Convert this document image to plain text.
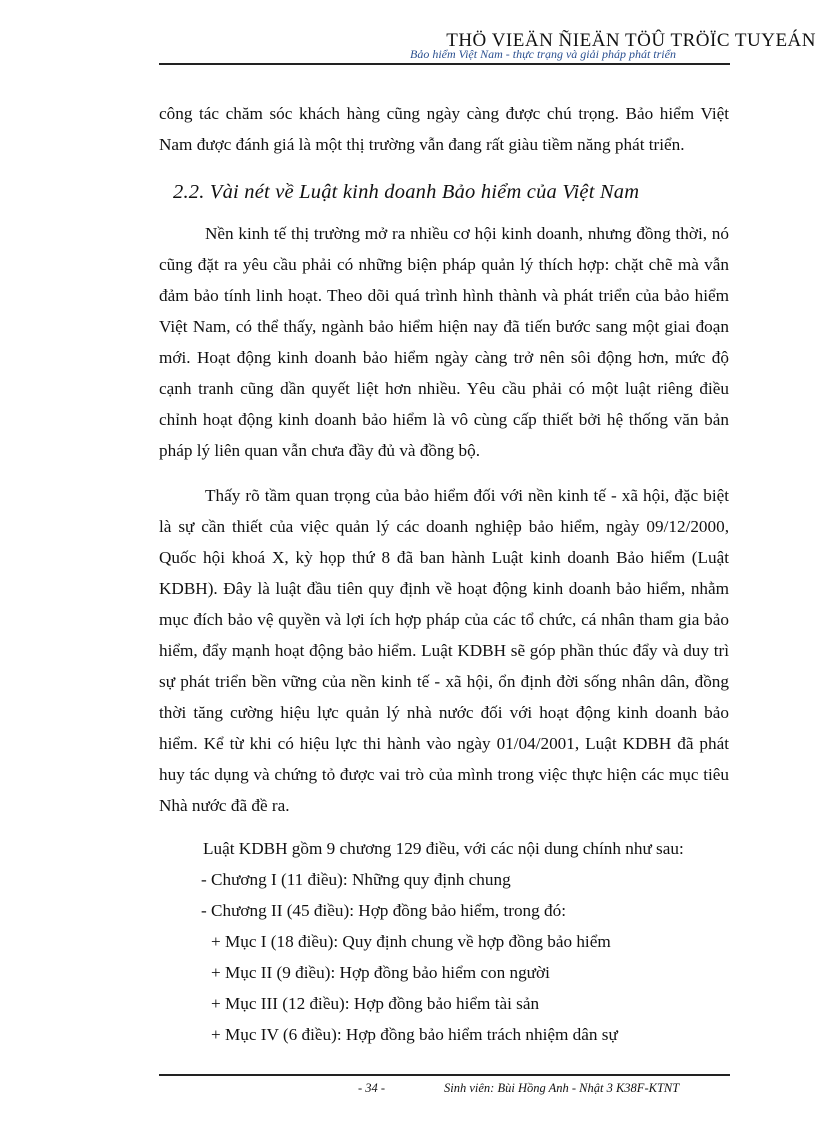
THÖ VIEÄN ÑIEÄN TÖÛ TRÖÏC TUYEÁN
Bảo hiểm Việt Nam - thực trạng và giải pháp phát triển

công tác chăm sóc khách hàng cũng ngày càng được chú trọng. Bảo hiểm Việt Nam được đánh giá là một thị trường vẫn đang rất giàu tiềm năng phát triển.

2.2. Vài nét về Luật kinh doanh Bảo hiểm của Việt Nam

Nền kinh tế thị trường mở ra nhiều cơ hội kinh doanh, nhưng đồng thời, nó cũng đặt ra yêu cầu phải có những biện pháp quản lý thích hợp: chặt chẽ mà vẫn đảm bảo tính linh hoạt. Theo dõi quá trình hình thành và phát triển của bảo hiểm Việt Nam, có thể thấy, ngành bảo hiểm hiện nay đã tiến bước sang một giai đoạn mới. Hoạt động kinh doanh bảo hiểm ngày càng trở nên sôi động hơn, mức độ cạnh tranh cũng dần quyết liệt hơn nhiều. Yêu cầu phải có một luật riêng điều chỉnh hoạt động kinh doanh bảo hiểm là vô cùng cấp thiết bởi hệ thống văn bản pháp lý liên quan vẫn chưa đầy đủ và đồng bộ.

Thấy rõ tầm quan trọng của bảo hiểm đối với nền kinh tế - xã hội, đặc biệt là sự cần thiết của việc quản lý các doanh nghiệp bảo hiểm, ngày 09/12/2000, Quốc hội khoá X, kỳ họp thứ 8 đã ban hành Luật kinh doanh Bảo hiểm (Luật KDBH). Đây là luật đầu tiên quy định về hoạt động kinh doanh bảo hiểm, nhằm mục đích bảo vệ quyền và lợi ích hợp pháp của các tổ chức, cá nhân tham gia bảo hiểm, đẩy mạnh hoạt động bảo hiểm. Luật KDBH sẽ góp phần thúc đẩy và duy trì sự phát triển bền vững của nền kinh tế - xã hội, ổn định đời sống nhân dân, đồng thời tăng cường hiệu lực quản lý nhà nước đối với hoạt động kinh doanh bảo hiểm. Kể từ khi có hiệu lực thi hành vào ngày 01/04/2001, Luật KDBH đã phát huy tác dụng và chứng tỏ được vai trò của mình trong việc thực hiện các mục tiêu Nhà nước đã đề ra.

Luật KDBH gồm 9 chương 129 điều, với các nội dung chính như sau:

- Chương I (11 điều): Những quy định chung

- Chương II (45 điều): Hợp đồng bảo hiểm, trong đó:

+ Mục I (18 điều): Quy định chung về hợp đồng bảo hiểm

+ Mục II (9 điều): Hợp đồng bảo hiểm con người

+ Mục III (12 điều): Hợp đồng bảo hiểm tài sản

+ Mục IV (6 điều): Hợp đồng bảo hiểm trách nhiệm dân sự

- 34 -	Sinh viên: Bùi Hồng Anh - Nhật 3 K38F-KTNT
